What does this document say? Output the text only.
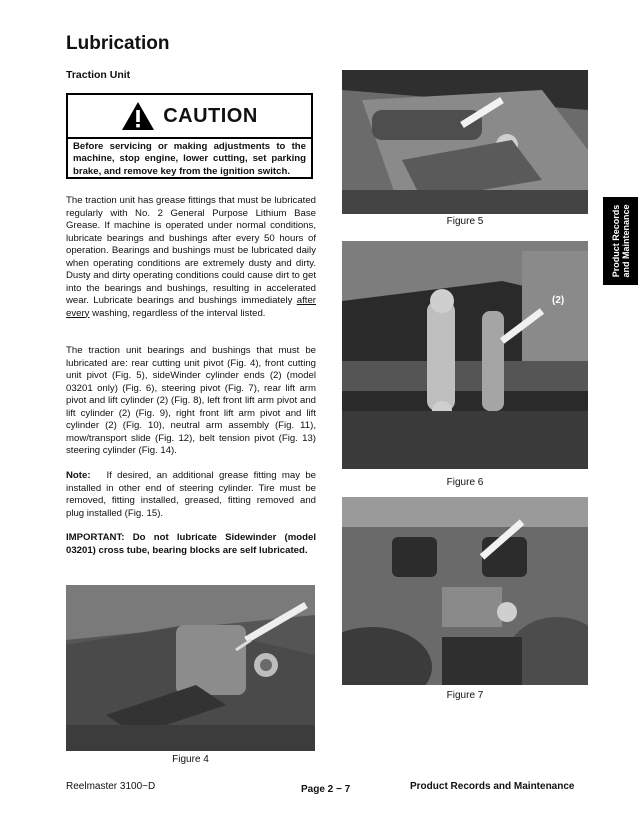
Lubrication
Traction Unit
CAUTION
Before servicing or making adjustments to the machine, stop engine, lower cutting, set parking brake, and remove key from the ignition switch.
The traction unit has grease fittings that must be lubricated regularly with No. 2 General Purpose Lithium Base Grease. If machine is operated under normal conditions, lubricate bearings and bushings after every 50 hours of operation. Bearings and bushings must be lubricated daily when operating conditions are extremely dusty and dirty. Dusty and dirty operating conditions could cause dirt to get into the bearings and bushings, resulting in accelerated wear. Lubricate bearings and bushings immediately after every washing, regardless of the interval listed.
The traction unit bearings and bushings that must be lubricated are: rear cutting unit pivot (Fig. 4), front cutting unit pivot (Fig. 5), sideWinder cylinder ends (2) (model 03201 only) (Fig. 6), steering pivot (Fig. 7), rear lift arm pivot and lift cylinder (2) (Fig. 8), left front lift arm pivot and lift cylinder (2) (Fig. 9), right front lift arm pivot and lift cylinder (2) (Fig. 10), neutral arm assembly (Fig. 11), mow/transport slide (Fig. 12), belt tension pivot (Fig. 13) steering cylinder (Fig. 14).
Note: If desired, an additional grease fitting may be installed in other end of steering cylinder. Tire must be removed, fitting installed, greased, fitting removed and plug installed (Fig. 15).
IMPORTANT: Do not lubricate Sidewinder (model 03201) cross tube, bearing blocks are self lubricated.
Figure 4
Figure 5
(2)
Figure 6
Figure 7
Product Records and Maintenance
Reelmaster 3100−D	Page 2 − 7	Product Records and Maintenance
